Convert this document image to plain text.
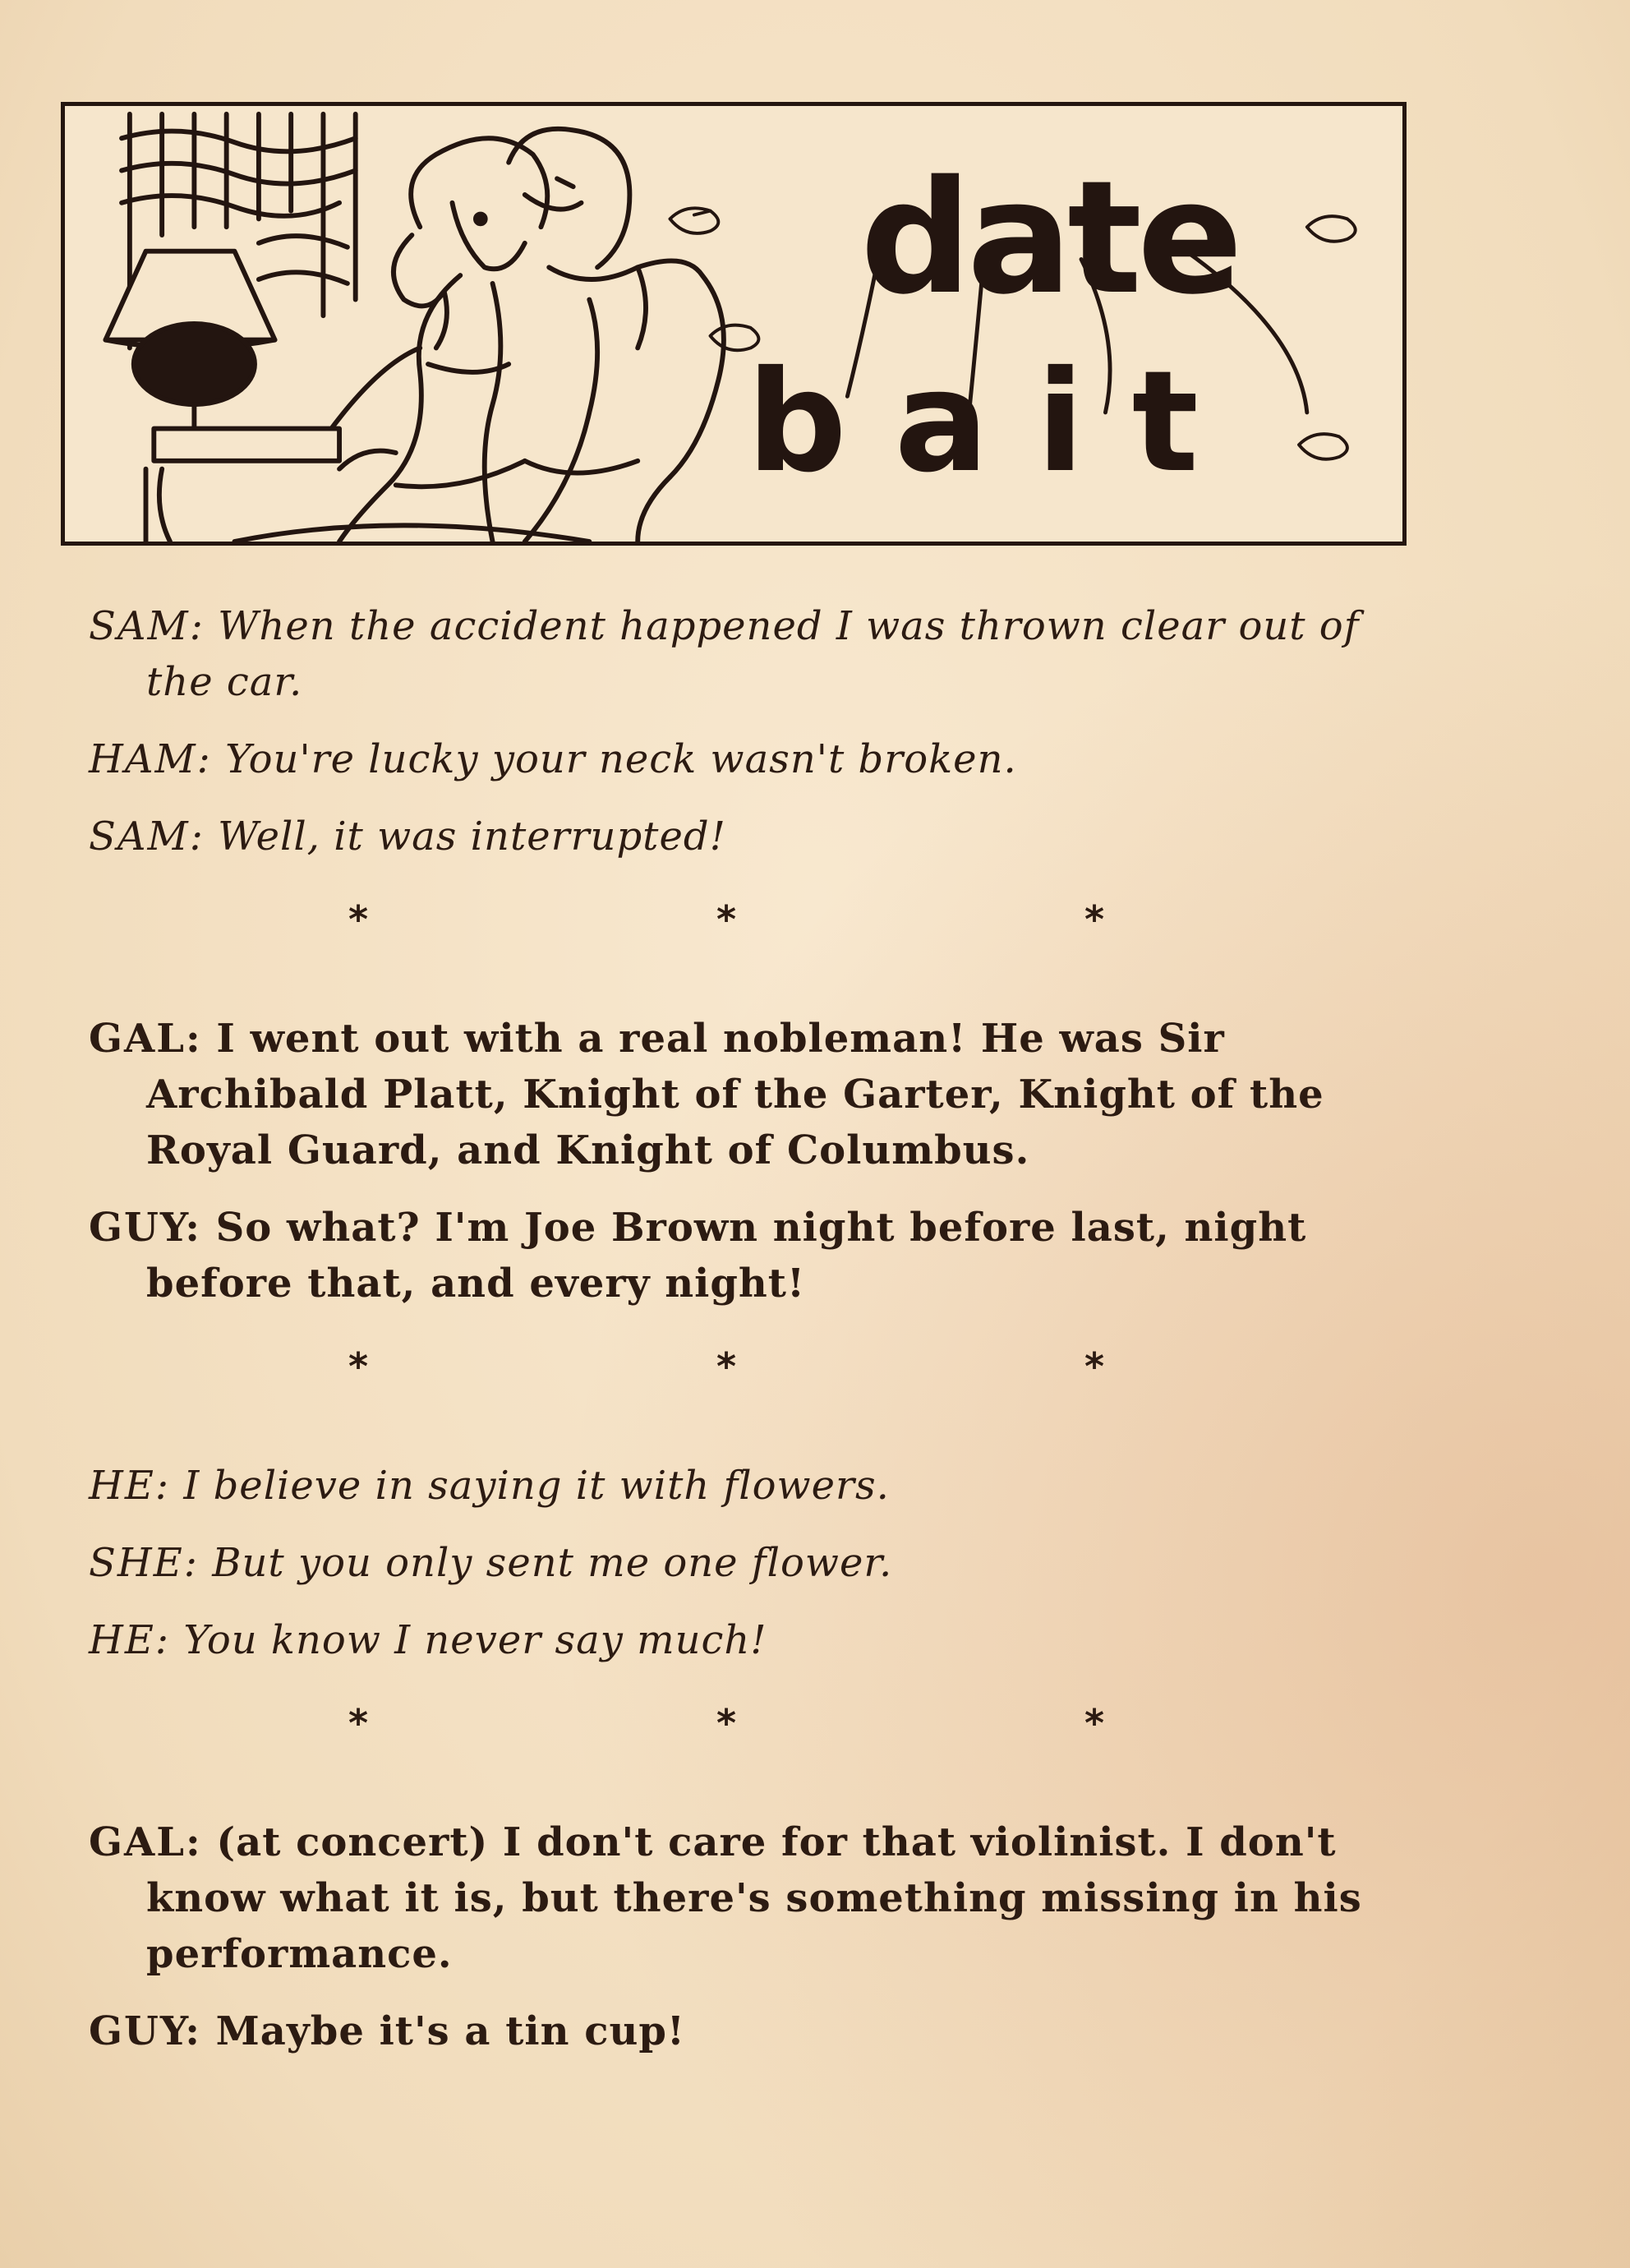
date
bait
SAM: When the accident happened I was thrown clear out of the car.
HAM: You're lucky your neck wasn't broken.
SAM: Well, it was interrupted!
*	*	*
GAL: I went out with a real nobleman! He was Sir Archibald Platt, Knight of the Garter, Knight of the Royal Guard, and Knight of Columbus.
GUY: So what? I'm Joe Brown night before last, night before that, and every night!
*	*	*
HE: I believe in saying it with flowers.
SHE: But you only sent me one flower.
HE: You know I never say much!
*	*	*
GAL: (at concert) I don't care for that violinist. I don't know what it is, but there's something missing in his performance.
GUY: Maybe it's a tin cup!
